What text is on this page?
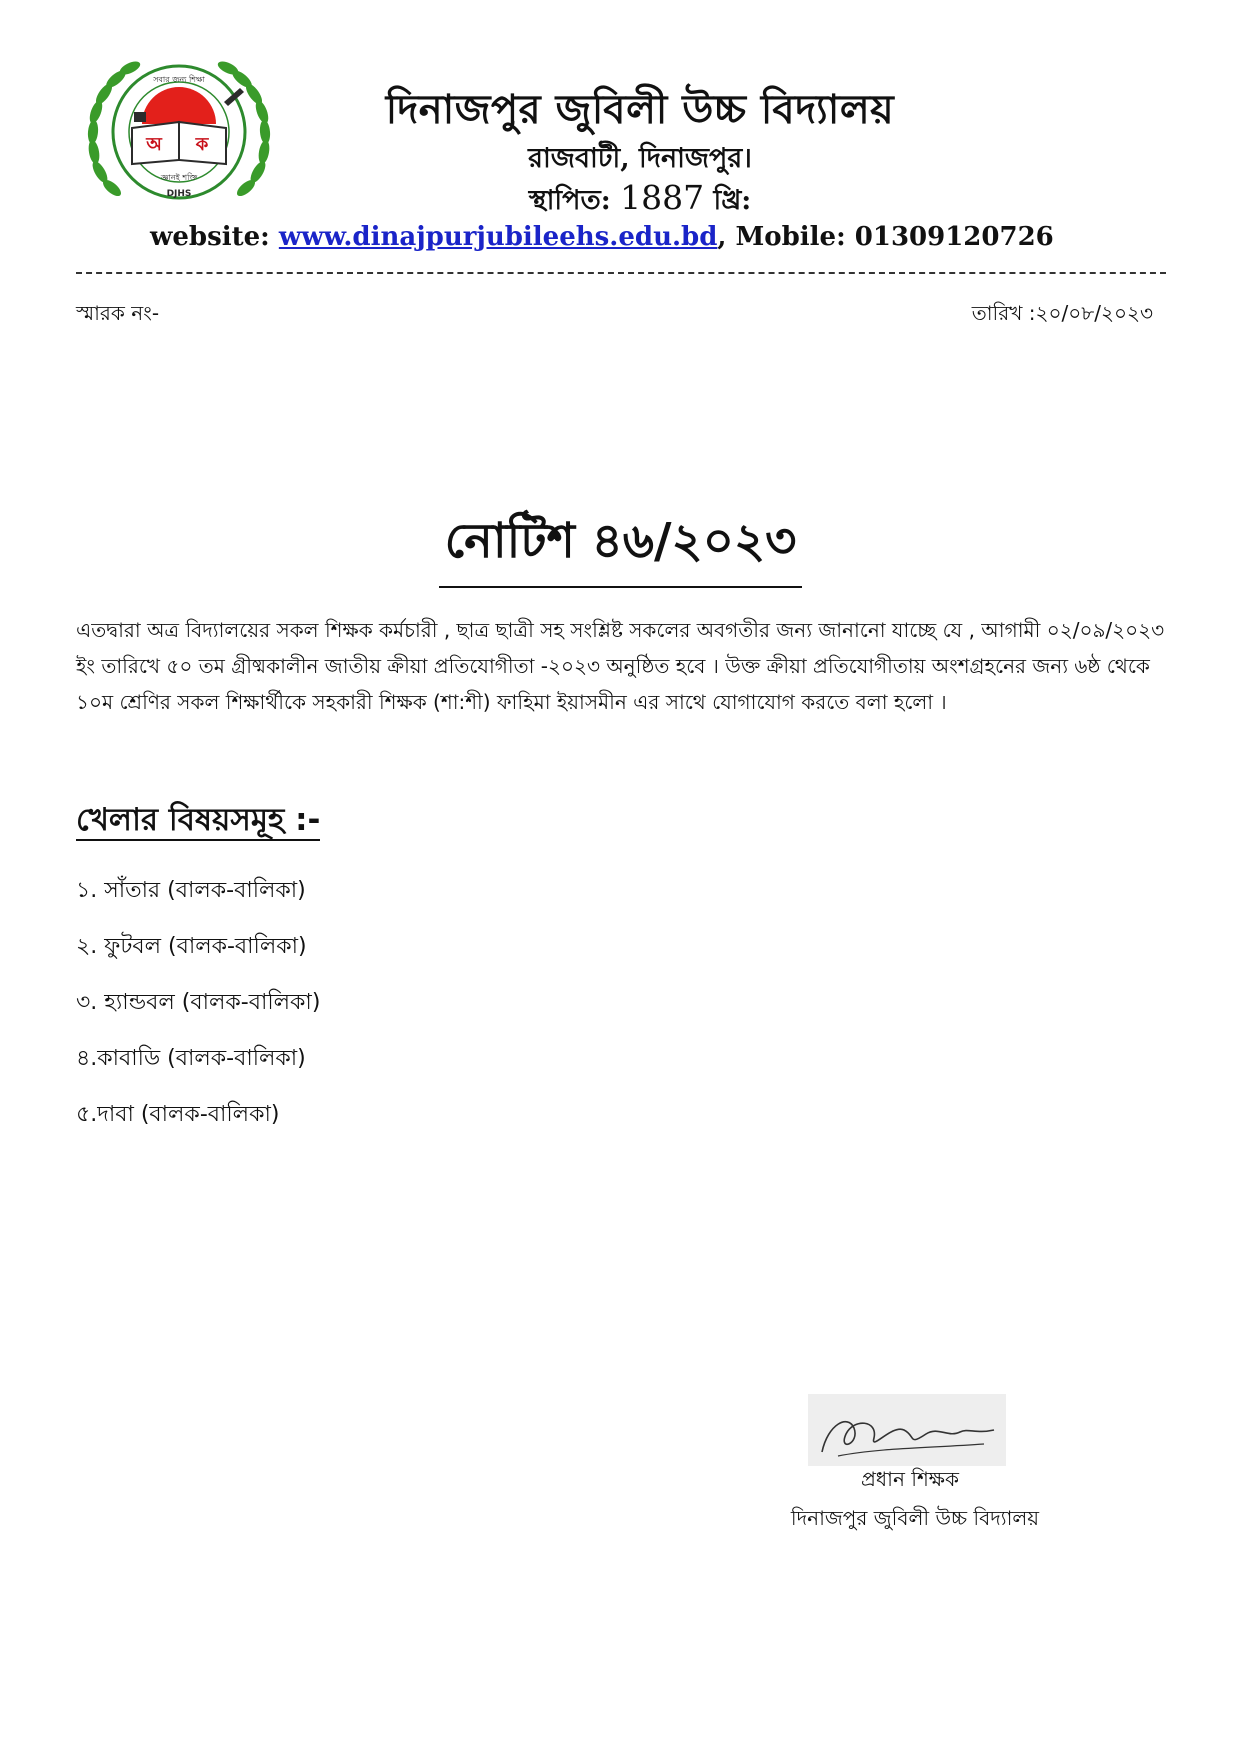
সবার জন্য শিক্ষা
অ ক
জ্ঞানই শক্তি
DJHS
দিনাজপুর জুবিলী উচ্চ বিদ্যালয়
রাজবাটী, দিনাজপুর।
স্থাপিত: 1887 খ্রি:
website: www.dinajpurjubileehs.edu.bd, Mobile: 01309120726
স্মারক নং-	তারিখ :২০/০৮/২০২৩
নোটিশ ৪৬/২০২৩
এতদ্বারা অত্র বিদ্যালয়ের সকল শিক্ষক কর্মচারী , ছাত্র ছাত্রী সহ সংশ্লিষ্ট সকলের অবগতীর জন্য জানানো যাচ্ছে যে , আগামী ০২/০৯/২০২৩ ইং তারিখে ৫০ তম গ্রীষ্মকালীন জাতীয় ক্রীয়া প্রতিযোগীতা -২০২৩ অনুষ্ঠিত হবে । উক্ত ক্রীয়া প্রতিযোগীতায় অংশগ্রহনের জন্য ৬ষ্ঠ থেকে ১০ম শ্রেণির সকল শিক্ষার্থীকে সহকারী শিক্ষক (শা:শী) ফাহিমা ইয়াসমীন এর সাথে যোগাযোগ করতে বলা হলো ।
খেলার বিষয়সমূহ :-
১. সাঁতার (বালক-বালিকা)
২. ফুটবল (বালক-বালিকা)
৩. হ্যান্ডবল (বালক-বালিকা)
৪.কাবাডি (বালক-বালিকা)
৫.দাবা (বালক-বালিকা)
প্রধান শিক্ষক
দিনাজপুর জুবিলী উচ্চ বিদ্যালয়
